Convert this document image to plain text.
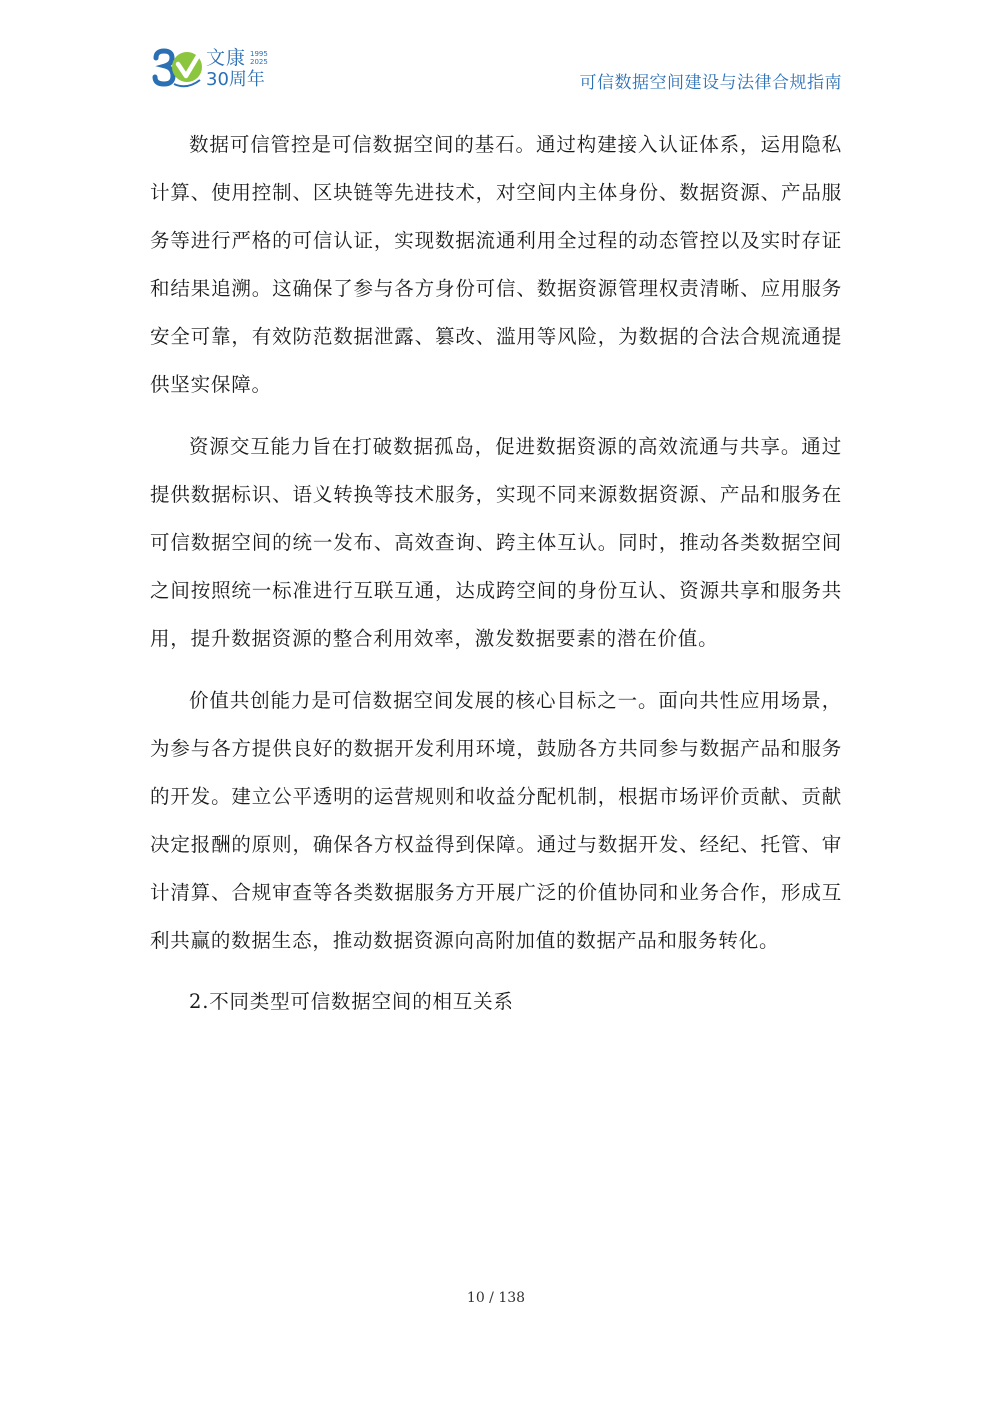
文康
30周年
1995
2025
可信数据空间建设与法律合规指南

数据可信管控是可信数据空间的基石。通过构建接入认证体系，运用隐私计算、使用控制、区块链等先进技术，对空间内主体身份、数据资源、产品服务等进行严格的可信认证，实现数据流通利用全过程的动态管控以及实时存证和结果追溯。这确保了参与各方身份可信、数据资源管理权责清晰、应用服务安全可靠，有效防范数据泄露、篡改、滥用等风险，为数据的合法合规流通提供坚实保障。

资源交互能力旨在打破数据孤岛，促进数据资源的高效流通与共享。通过提供数据标识、语义转换等技术服务，实现不同来源数据资源、产品和服务在可信数据空间的统一发布、高效查询、跨主体互认。同时，推动各类数据空间之间按照统一标准进行互联互通，达成跨空间的身份互认、资源共享和服务共用，提升数据资源的整合利用效率，激发数据要素的潜在价值。

价值共创能力是可信数据空间发展的核心目标之一。面向共性应用场景，为参与各方提供良好的数据开发利用环境，鼓励各方共同参与数据产品和服务的开发。建立公平透明的运营规则和收益分配机制，根据市场评价贡献、贡献决定报酬的原则，确保各方权益得到保障。通过与数据开发、经纪、托管、审计清算、合规审查等各类数据服务方开展广泛的价值协同和业务合作，形成互利共赢的数据生态，推动数据资源向高附加值的数据产品和服务转化。

2.不同类型可信数据空间的相互关系

10 / 138
